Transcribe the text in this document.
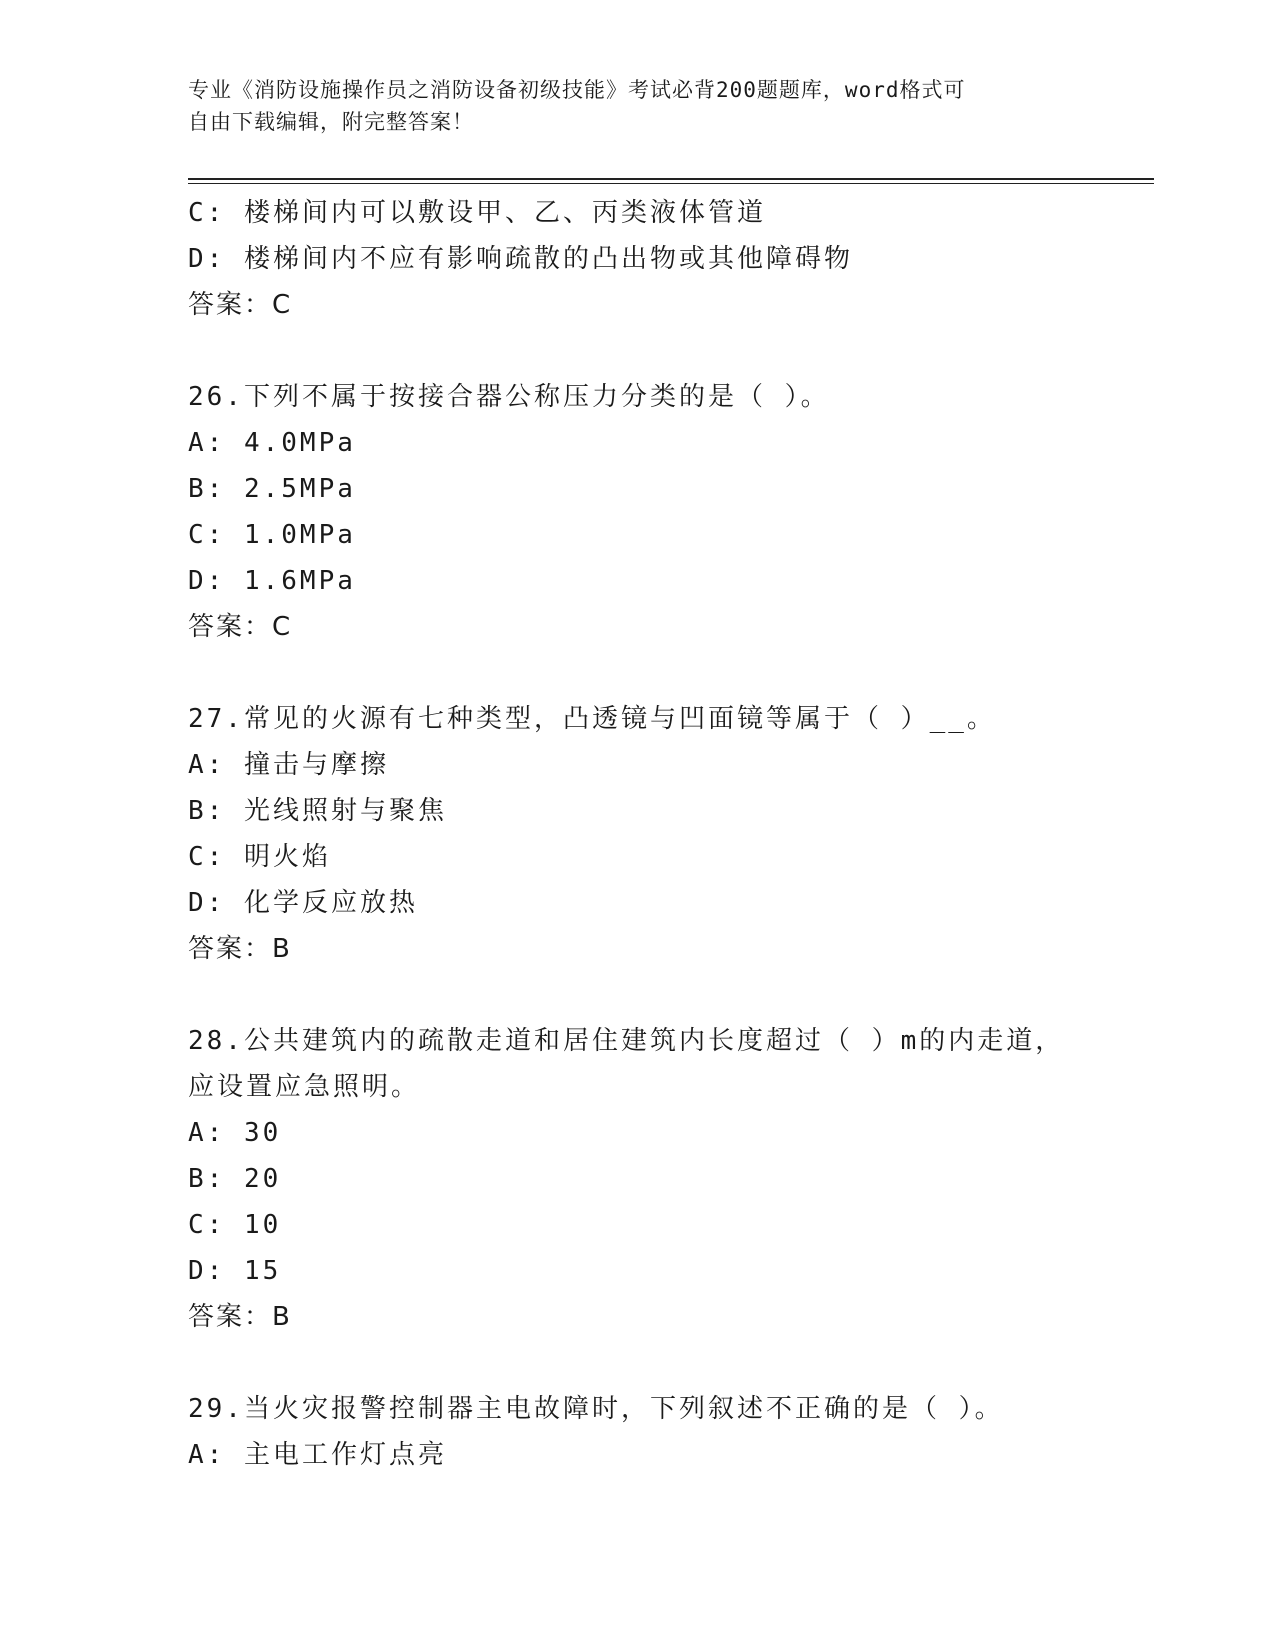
专业《消防设施操作员之消防设备初级技能》考试必背200题题库，word格式可
自由下载编辑，附完整答案！
C: 楼梯间内可以敷设甲、乙、丙类液体管道
D: 楼梯间内不应有影响疏散的凸出物或其他障碍物
答案：C
26.下列不属于按接合器公称压力分类的是（ ）。
A: 4.0MPa
B: 2.5MPa
C: 1.0MPa
D: 1.6MPa
答案：C
27.常见的火源有七种类型，凸透镜与凹面镜等属于（ ）__。
A: 撞击与摩擦
B: 光线照射与聚焦
C: 明火焰
D: 化学反应放热
答案：B
28.公共建筑内的疏散走道和居住建筑内长度超过（ ）m的内走道，
应设置应急照明。
A: 30
B: 20
C: 10
D: 15
答案：B
29.当火灾报警控制器主电故障时，下列叙述不正确的是（ ）。
A: 主电工作灯点亮
